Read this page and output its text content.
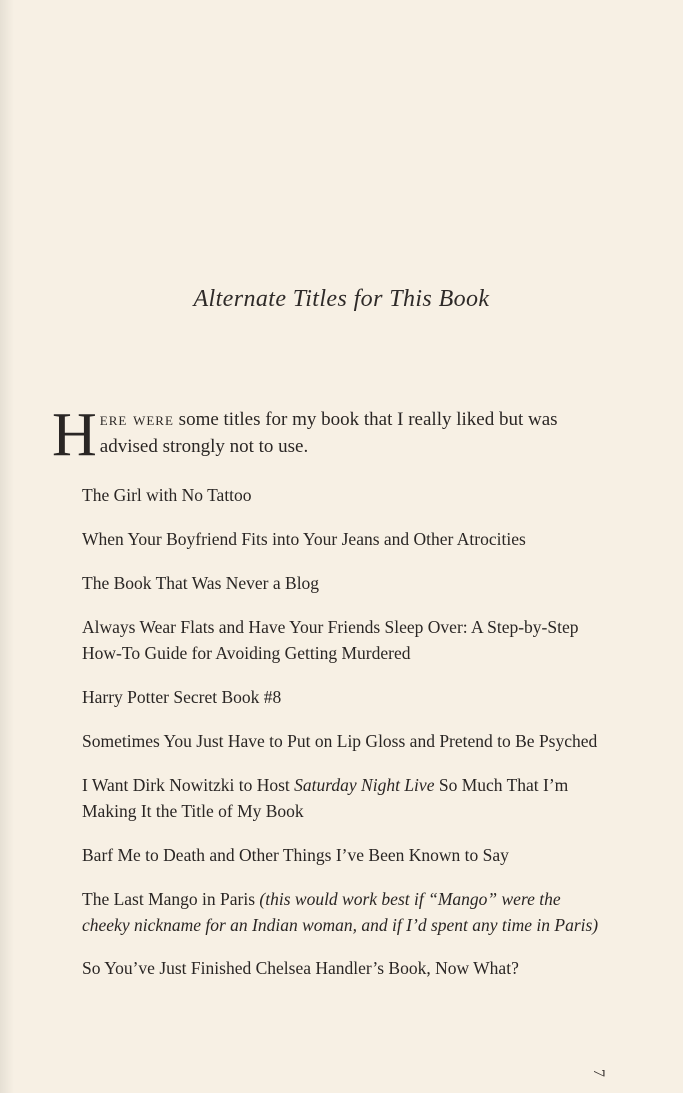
Alternate Titles for This Book

Here were some titles for my book that I really liked but was advised strongly not to use.

The Girl with No Tattoo
When Your Boyfriend Fits into Your Jeans and Other Atrocities
The Book That Was Never a Blog
Always Wear Flats and Have Your Friends Sleep Over: A Step-by-Step How-To Guide for Avoiding Getting Murdered
Harry Potter Secret Book #8
Sometimes You Just Have to Put on Lip Gloss and Pretend to Be Psyched
I Want Dirk Nowitzki to Host Saturday Night Live So Much That I’m Making It the Title of My Book
Barf Me to Death and Other Things I’ve Been Known to Say
The Last Mango in Paris (this would work best if “Mango” were the cheeky nickname for an Indian woman, and if I’d spent any time in Paris)
So You’ve Just Finished Chelsea Handler’s Book, Now What?
7
